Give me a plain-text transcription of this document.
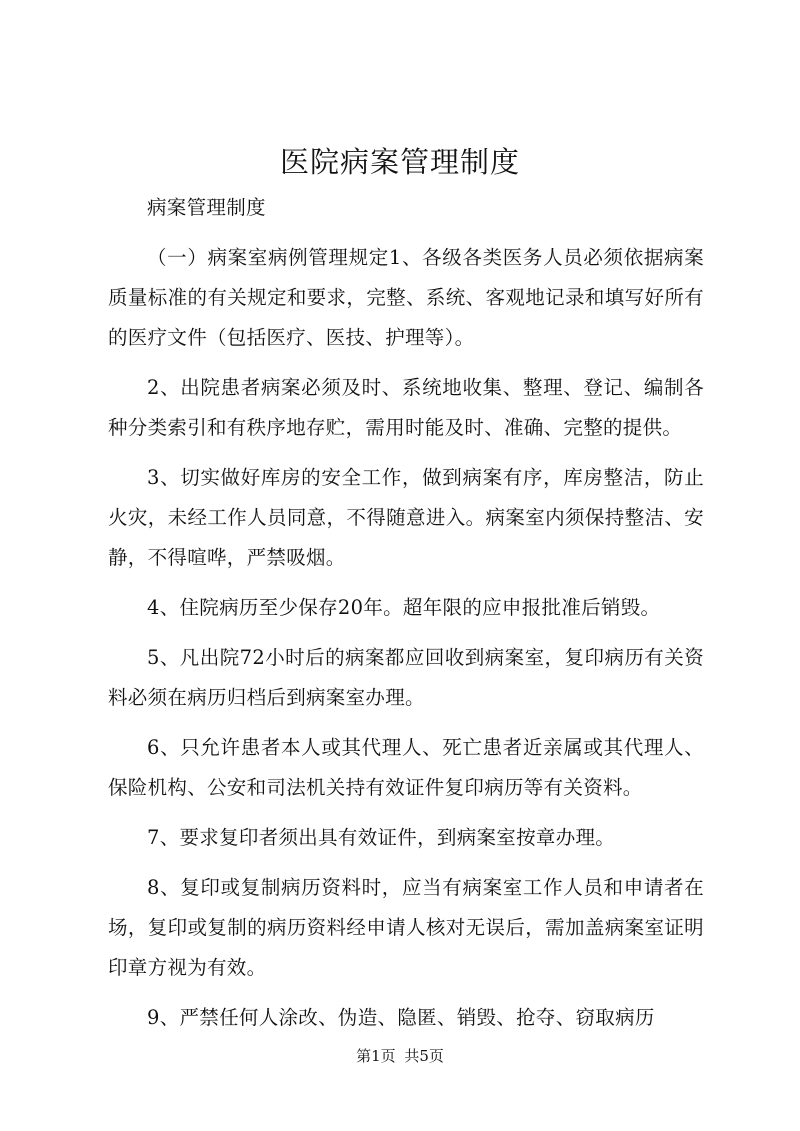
医院病案管理制度

病案管理制度

（一）病案室病例管理规定1、各级各类医务人员必须依据病案质量标准的有关规定和要求，完整、系统、客观地记录和填写好所有的医疗文件（包括医疗、医技、护理等）。

2、出院患者病案必须及时、系统地收集、整理、登记、编制各种分类索引和有秩序地存贮，需用时能及时、准确、完整的提供。

3、切实做好库房的安全工作，做到病案有序，库房整洁，防止火灾，未经工作人员同意，不得随意进入。病案室内须保持整洁、安静，不得喧哗，严禁吸烟。

4、住院病历至少保存20年。超年限的应申报批准后销毁。

5、凡出院72小时后的病案都应回收到病案室，复印病历有关资料必须在病历归档后到病案室办理。

6、只允许患者本人或其代理人、死亡患者近亲属或其代理人、保险机构、公安和司法机关持有效证件复印病历等有关资料。

7、要求复印者须出具有效证件，到病案室按章办理。

8、复印或复制病历资料时，应当有病案室工作人员和申请者在场，复印或复制的病历资料经申请人核对无误后，需加盖病案室证明印章方视为有效。

9、严禁任何人涂改、伪造、隐匿、销毁、抢夺、窃取病历

第1页 共5页
